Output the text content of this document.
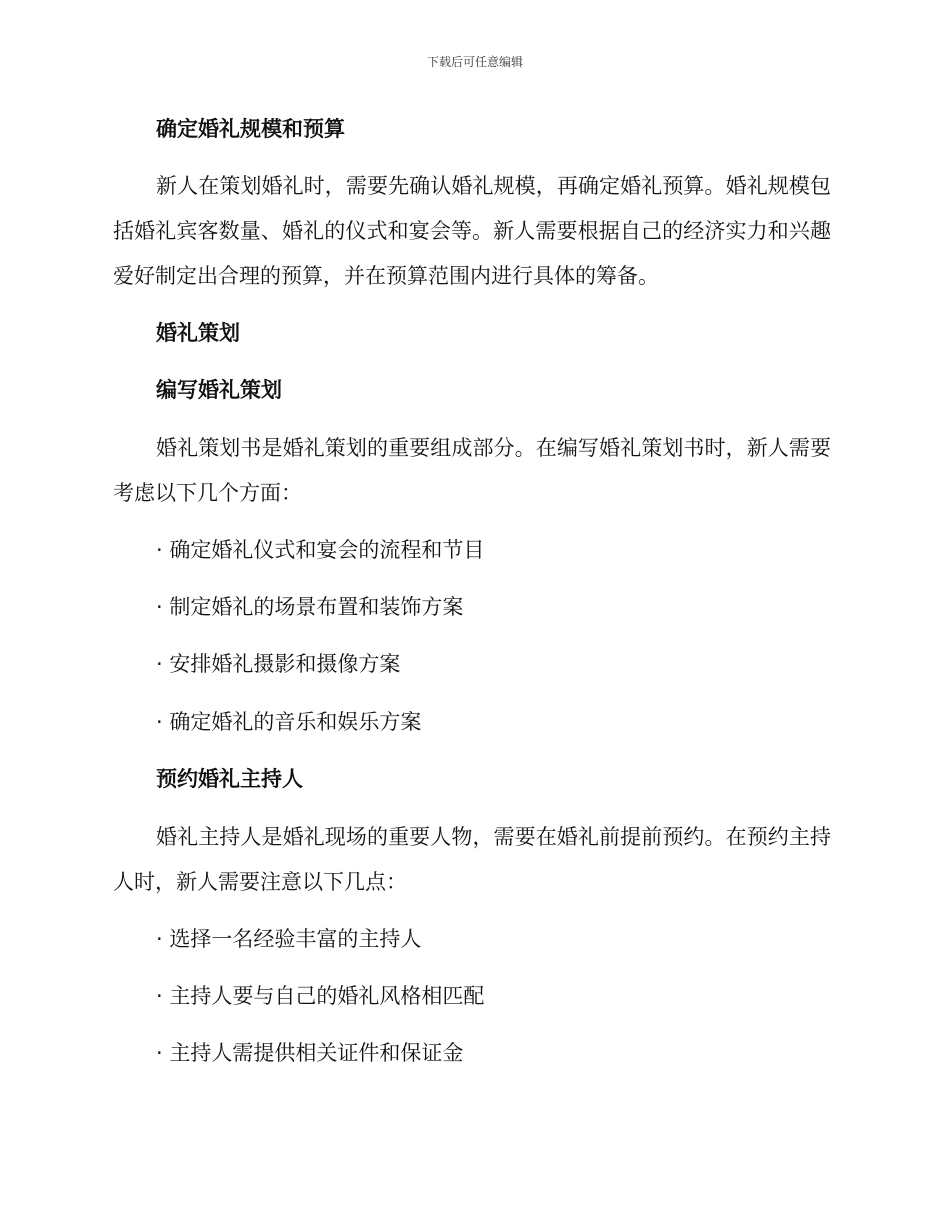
下载后可任意编辑
确定婚礼规模和预算
新人在策划婚礼时，需要先确认婚礼规模，再确定婚礼预算。婚礼规模包括婚礼宾客数量、婚礼的仪式和宴会等。新人需要根据自己的经济实力和兴趣爱好制定出合理的预算，并在预算范围内进行具体的筹备。
婚礼策划
编写婚礼策划
婚礼策划书是婚礼策划的重要组成部分。在编写婚礼策划书时，新人需要考虑以下几个方面：
· 确定婚礼仪式和宴会的流程和节目
· 制定婚礼的场景布置和装饰方案
· 安排婚礼摄影和摄像方案
· 确定婚礼的音乐和娱乐方案
预约婚礼主持人
婚礼主持人是婚礼现场的重要人物，需要在婚礼前提前预约。在预约主持人时，新人需要注意以下几点：
· 选择一名经验丰富的主持人
· 主持人要与自己的婚礼风格相匹配
· 主持人需提供相关证件和保证金
